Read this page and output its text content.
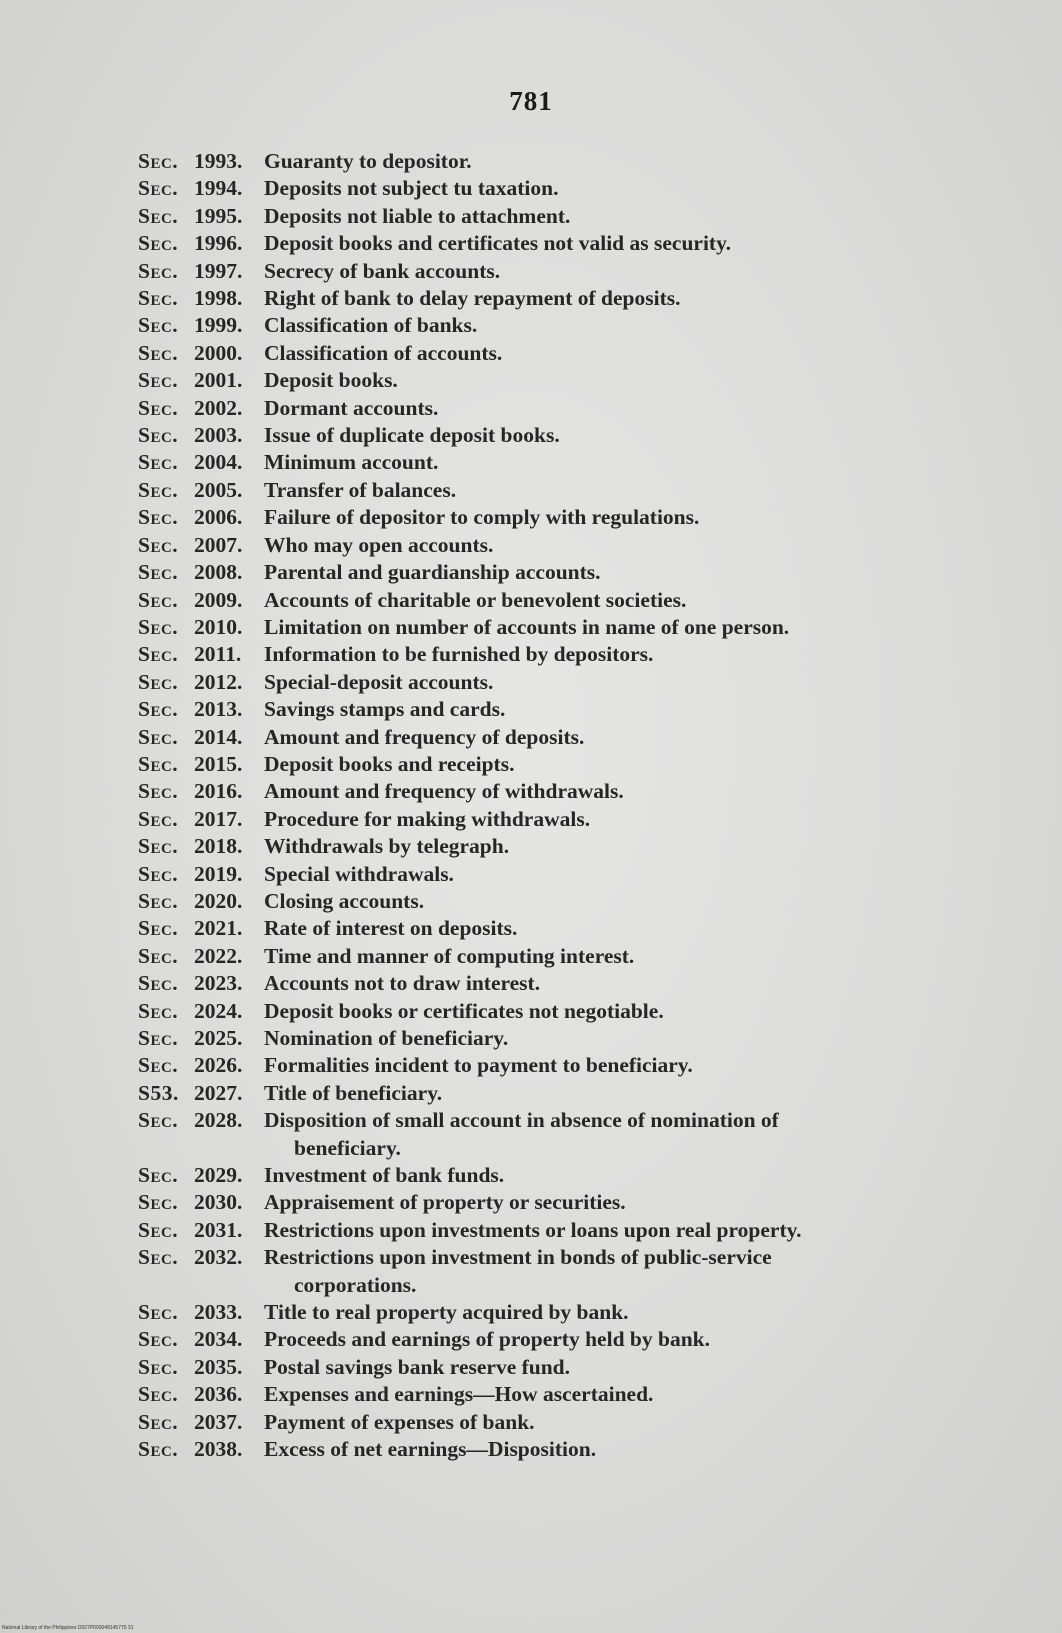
781
Sec. 1993.	Guaranty to depositor.
Sec. 1994.	Deposits not subject tu taxation.
Sec. 1995.	Deposits not liable to attachment.
Sec. 1996.	Deposit books and certificates not valid as security.
Sec. 1997.	Secrecy of bank accounts.
Sec. 1998.	Right of bank to delay repayment of deposits.
Sec. 1999.	Classification of banks.
Sec. 2000.	Classification of accounts.
Sec. 2001.	Deposit books.
Sec. 2002.	Dormant accounts.
Sec. 2003.	Issue of duplicate deposit books.
Sec. 2004.	Minimum account.
Sec. 2005.	Transfer of balances.
Sec. 2006.	Failure of depositor to comply with regulations.
Sec. 2007.	Who may open accounts.
Sec. 2008.	Parental and guardianship accounts.
Sec. 2009.	Accounts of charitable or benevolent societies.
Sec. 2010.	Limitation on number of accounts in name of one person.
Sec. 2011.	Information to be furnished by depositors.
Sec. 2012.	Special-deposit accounts.
Sec. 2013.	Savings stamps and cards.
Sec. 2014.	Amount and frequency of deposits.
Sec. 2015.	Deposit books and receipts.
Sec. 2016.	Amount and frequency of withdrawals.
Sec. 2017.	Procedure for making withdrawals.
Sec. 2018.	Withdrawals by telegraph.
Sec. 2019.	Special withdrawals.
Sec. 2020.	Closing accounts.
Sec. 2021.	Rate of interest on deposits.
Sec. 2022.	Time and manner of computing interest.
Sec. 2023.	Accounts not to draw interest.
Sec. 2024.	Deposit books or certificates not negotiable.
Sec. 2025.	Nomination of beneficiary.
Sec. 2026.	Formalities incident to payment to beneficiary.
S53. 2027.	Title of beneficiary.
Sec. 2028.	Disposition of small account in absence of nomination of
beneficiary.
Sec. 2029.	Investment of bank funds.
Sec. 2030.	Appraisement of property or securities.
Sec. 2031.	Restrictions upon investments or loans upon real property.
Sec. 2032.	Restrictions upon investment in bonds of public-service
corporations.
Sec. 2033.	Title to real property acquired by bank.
Sec. 2034.	Proceeds and earnings of property held by bank.
Sec. 2035.	Postal savings bank reserve fund.
Sec. 2036.	Expenses and earnings—How ascertained.
Sec. 2037.	Payment of expenses of bank.
Sec. 2038.	Excess of net earnings—Disposition.
National Library of the Philippines D027P000048145775 31
